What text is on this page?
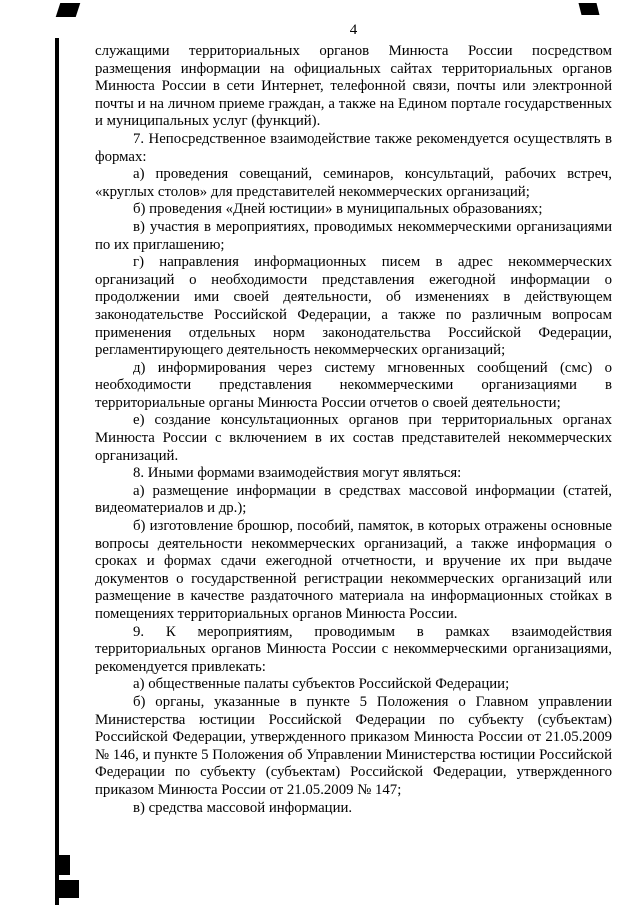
4

служащими территориальных органов Минюста России посредством размещения информации на официальных сайтах территориальных органов Минюста России в сети Интернет, телефонной связи, почты или электронной почты и на личном приеме граждан, а также на Едином портале государственных и муниципальных услуг (функций).

7. Непосредственное взаимодействие также рекомендуется осуществлять в формах:

а) проведения совещаний, семинаров, консультаций, рабочих встреч, «круглых столов» для представителей некоммерческих организаций;

б) проведения «Дней юстиции» в муниципальных образованиях;

в) участия в мероприятиях, проводимых некоммерческими организациями по их приглашению;

г) направления информационных писем в адрес некоммерческих организаций о необходимости представления ежегодной информации о продолжении ими своей деятельности, об изменениях в действующем законодательстве Российской Федерации, а также по различным вопросам применения отдельных норм законодательства Российской Федерации, регламентирующего деятельность некоммерческих организаций;

д) информирования через систему мгновенных сообщений (смс) о необходимости представления некоммерческими организациями в территориальные органы Минюста России отчетов о своей деятельности;

е) создание консультационных органов при территориальных органах Минюста России с включением в их состав представителей некоммерческих организаций.

8. Иными формами взаимодействия могут являться:

а) размещение информации в средствах массовой информации (статей, видеоматериалов и др.);

б) изготовление брошюр, пособий, памяток, в которых отражены основные вопросы деятельности некоммерческих организаций, а также информация о сроках и формах сдачи ежегодной отчетности, и вручение их при выдаче документов о государственной регистрации некоммерческих организаций или размещение в качестве раздаточного материала на информационных стойках в помещениях территориальных органов Минюста России.

9. К мероприятиям, проводимым в рамках взаимодействия территориальных органов Минюста России с некоммерческими организациями, рекомендуется привлекать:

а) общественные палаты субъектов Российской Федерации;

б) органы, указанные в пункте 5 Положения о Главном управлении Министерства юстиции Российской Федерации по субъекту (субъектам) Российской Федерации, утвержденного приказом Минюста России от 21.05.2009 № 146, и пункте 5 Положения об Управлении Министерства юстиции Российской Федерации по субъекту (субъектам) Российской Федерации, утвержденного приказом Минюста России от 21.05.2009 № 147;

в) средства массовой информации.
